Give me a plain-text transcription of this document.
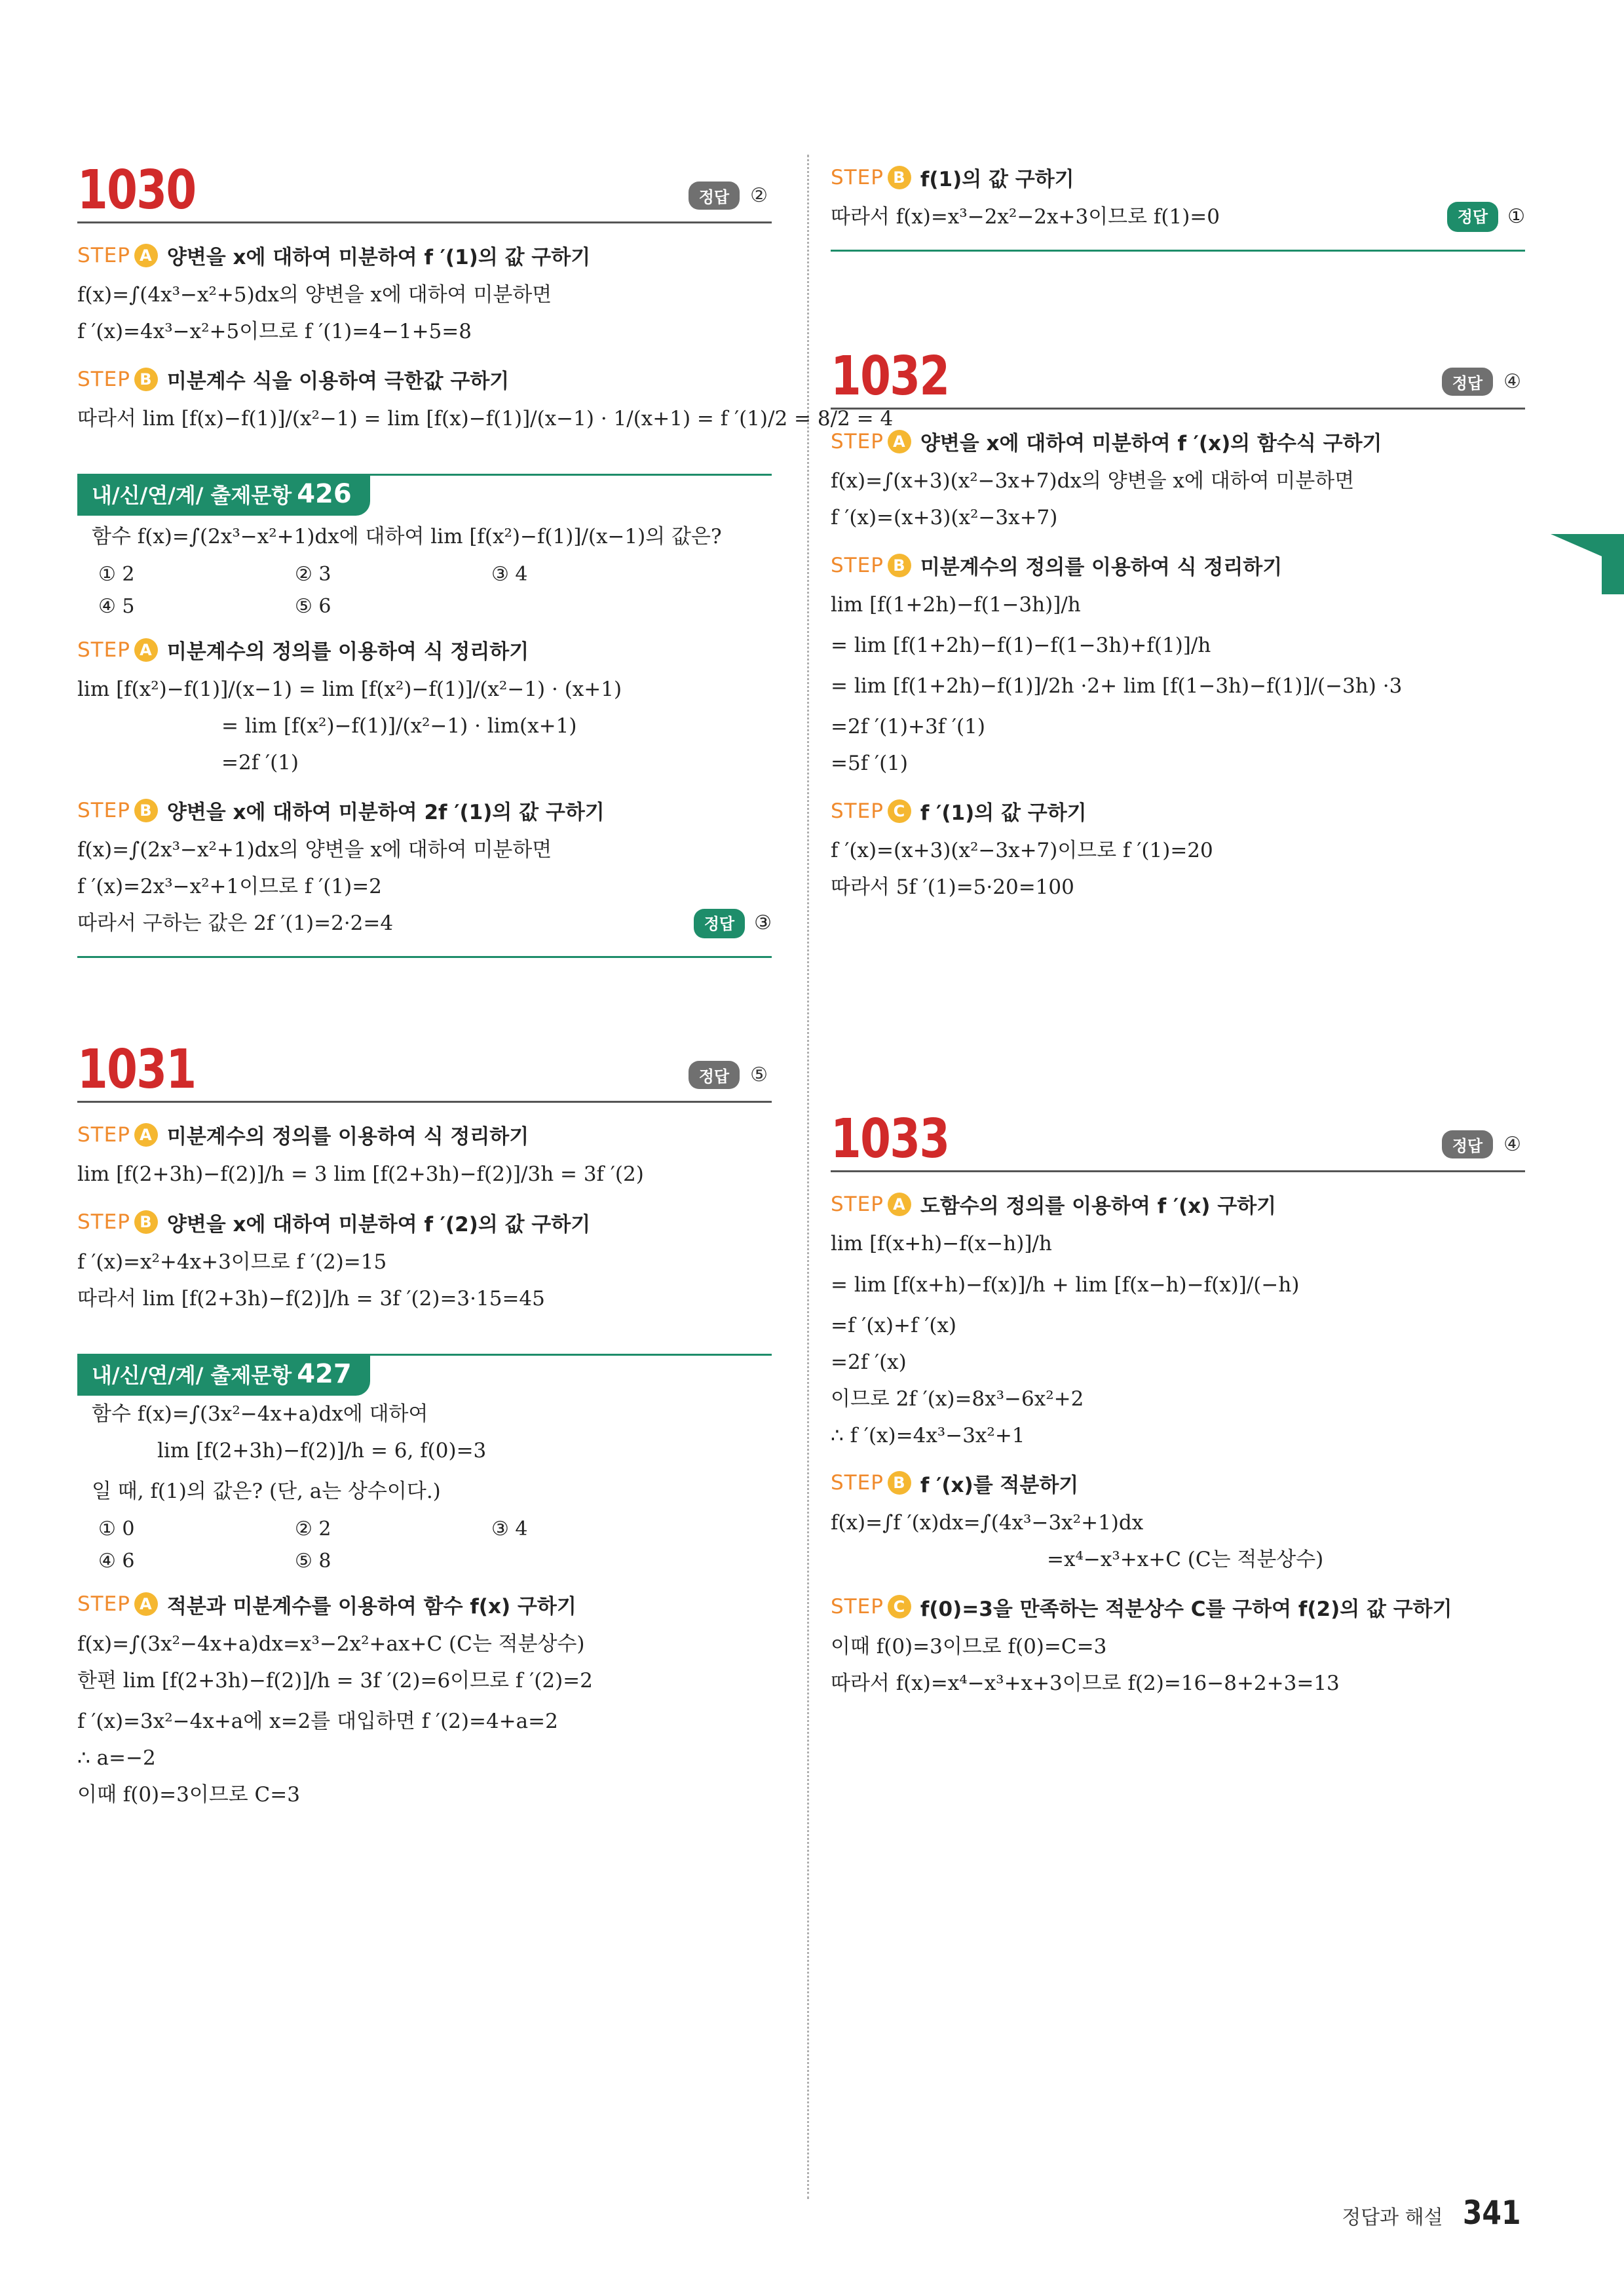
1030	정답	②
STEP A 양변을 x에 대하여 미분하여 f ′(1)의 값 구하기
f(x)=∫(4x³−x²+5)dx의 양변을 x에 대하여 미분하면
f ′(x)=4x³−x²+5이므로 f ′(1)=4−1+5=8
STEP B 미분계수 식을 이용하여 극한값 구하기
따라서 lim [f(x)−f(1)]/(x²−1) = lim [f(x)−f(1)]/(x−1) · 1/(x+1) = f ′(1)/2 = 8/2 = 4
내/신/연/계/ 출제문항 426
함수 f(x)=∫(2x³−x²+1)dx에 대하여 lim [f(x²)−f(1)]/(x−1)의 값은?
① 2	② 3	③ 4
④ 5	⑤ 6
STEP A 미분계수의 정의를 이용하여 식 정리하기
lim [f(x²)−f(1)]/(x−1) = lim [f(x²)−f(1)]/(x²−1) · (x+1)
= lim [f(x²)−f(1)]/(x²−1) · lim(x+1)
=2f ′(1)
STEP B 양변을 x에 대하여 미분하여 2f ′(1)의 값 구하기
f(x)=∫(2x³−x²+1)dx의 양변을 x에 대하여 미분하면
f ′(x)=2x³−x²+1이므로 f ′(1)=2
따라서 구하는 값은 2f ′(1)=2·2=4	정답	③
1031	정답	⑤
STEP A 미분계수의 정의를 이용하여 식 정리하기
lim [f(2+3h)−f(2)]/h = 3 lim [f(2+3h)−f(2)]/3h = 3f ′(2)
STEP B 양변을 x에 대하여 미분하여 f ′(2)의 값 구하기
f ′(x)=x²+4x+3이므로 f ′(2)=15
따라서 lim [f(2+3h)−f(2)]/h = 3f ′(2)=3·15=45
내/신/연/계/ 출제문항 427
함수 f(x)=∫(3x²−4x+a)dx에 대하여
lim [f(2+3h)−f(2)]/h = 6, f(0)=3
일 때, f(1)의 값은? (단, a는 상수이다.)
① 0	② 2	③ 4
④ 6	⑤ 8
STEP A 적분과 미분계수를 이용하여 함수 f(x) 구하기
f(x)=∫(3x²−4x+a)dx=x³−2x²+ax+C (C는 적분상수)
한편 lim [f(2+3h)−f(2)]/h = 3f ′(2)=6이므로 f ′(2)=2
f ′(x)=3x²−4x+a에 x=2를 대입하면 f ′(2)=4+a=2
∴ a=−2
이때 f(0)=3이므로 C=3
STEP B f(1)의 값 구하기
따라서 f(x)=x³−2x²−2x+3이므로 f(1)=0	정답	①
1032	정답	④
STEP A 양변을 x에 대하여 미분하여 f ′(x)의 함수식 구하기
f(x)=∫(x+3)(x²−3x+7)dx의 양변을 x에 대하여 미분하면
f ′(x)=(x+3)(x²−3x+7)
STEP B 미분계수의 정의를 이용하여 식 정리하기
lim [f(1+2h)−f(1−3h)]/h
= lim [f(1+2h)−f(1)−f(1−3h)+f(1)]/h
= lim [f(1+2h)−f(1)]/2h ·2+ lim [f(1−3h)−f(1)]/(−3h) ·3
=2f ′(1)+3f ′(1)
=5f ′(1)
STEP C f ′(1)의 값 구하기
f ′(x)=(x+3)(x²−3x+7)이므로 f ′(1)=20
따라서 5f ′(1)=5·20=100
1033	정답	④
STEP A 도함수의 정의를 이용하여 f ′(x) 구하기
lim [f(x+h)−f(x−h)]/h
= lim [f(x+h)−f(x)]/h + lim [f(x−h)−f(x)]/(−h)
=f ′(x)+f ′(x)
=2f ′(x)
이므로 2f ′(x)=8x³−6x²+2
∴ f ′(x)=4x³−3x²+1
STEP B f ′(x)를 적분하기
f(x)=∫f ′(x)dx=∫(4x³−3x²+1)dx
=x⁴−x³+x+C (C는 적분상수)
STEP C f(0)=3을 만족하는 적분상수 C를 구하여 f(2)의 값 구하기
이때 f(0)=3이므로 f(0)=C=3
따라서 f(x)=x⁴−x³+x+3이므로 f(2)=16−8+2+3=13
정답과 해설 341
